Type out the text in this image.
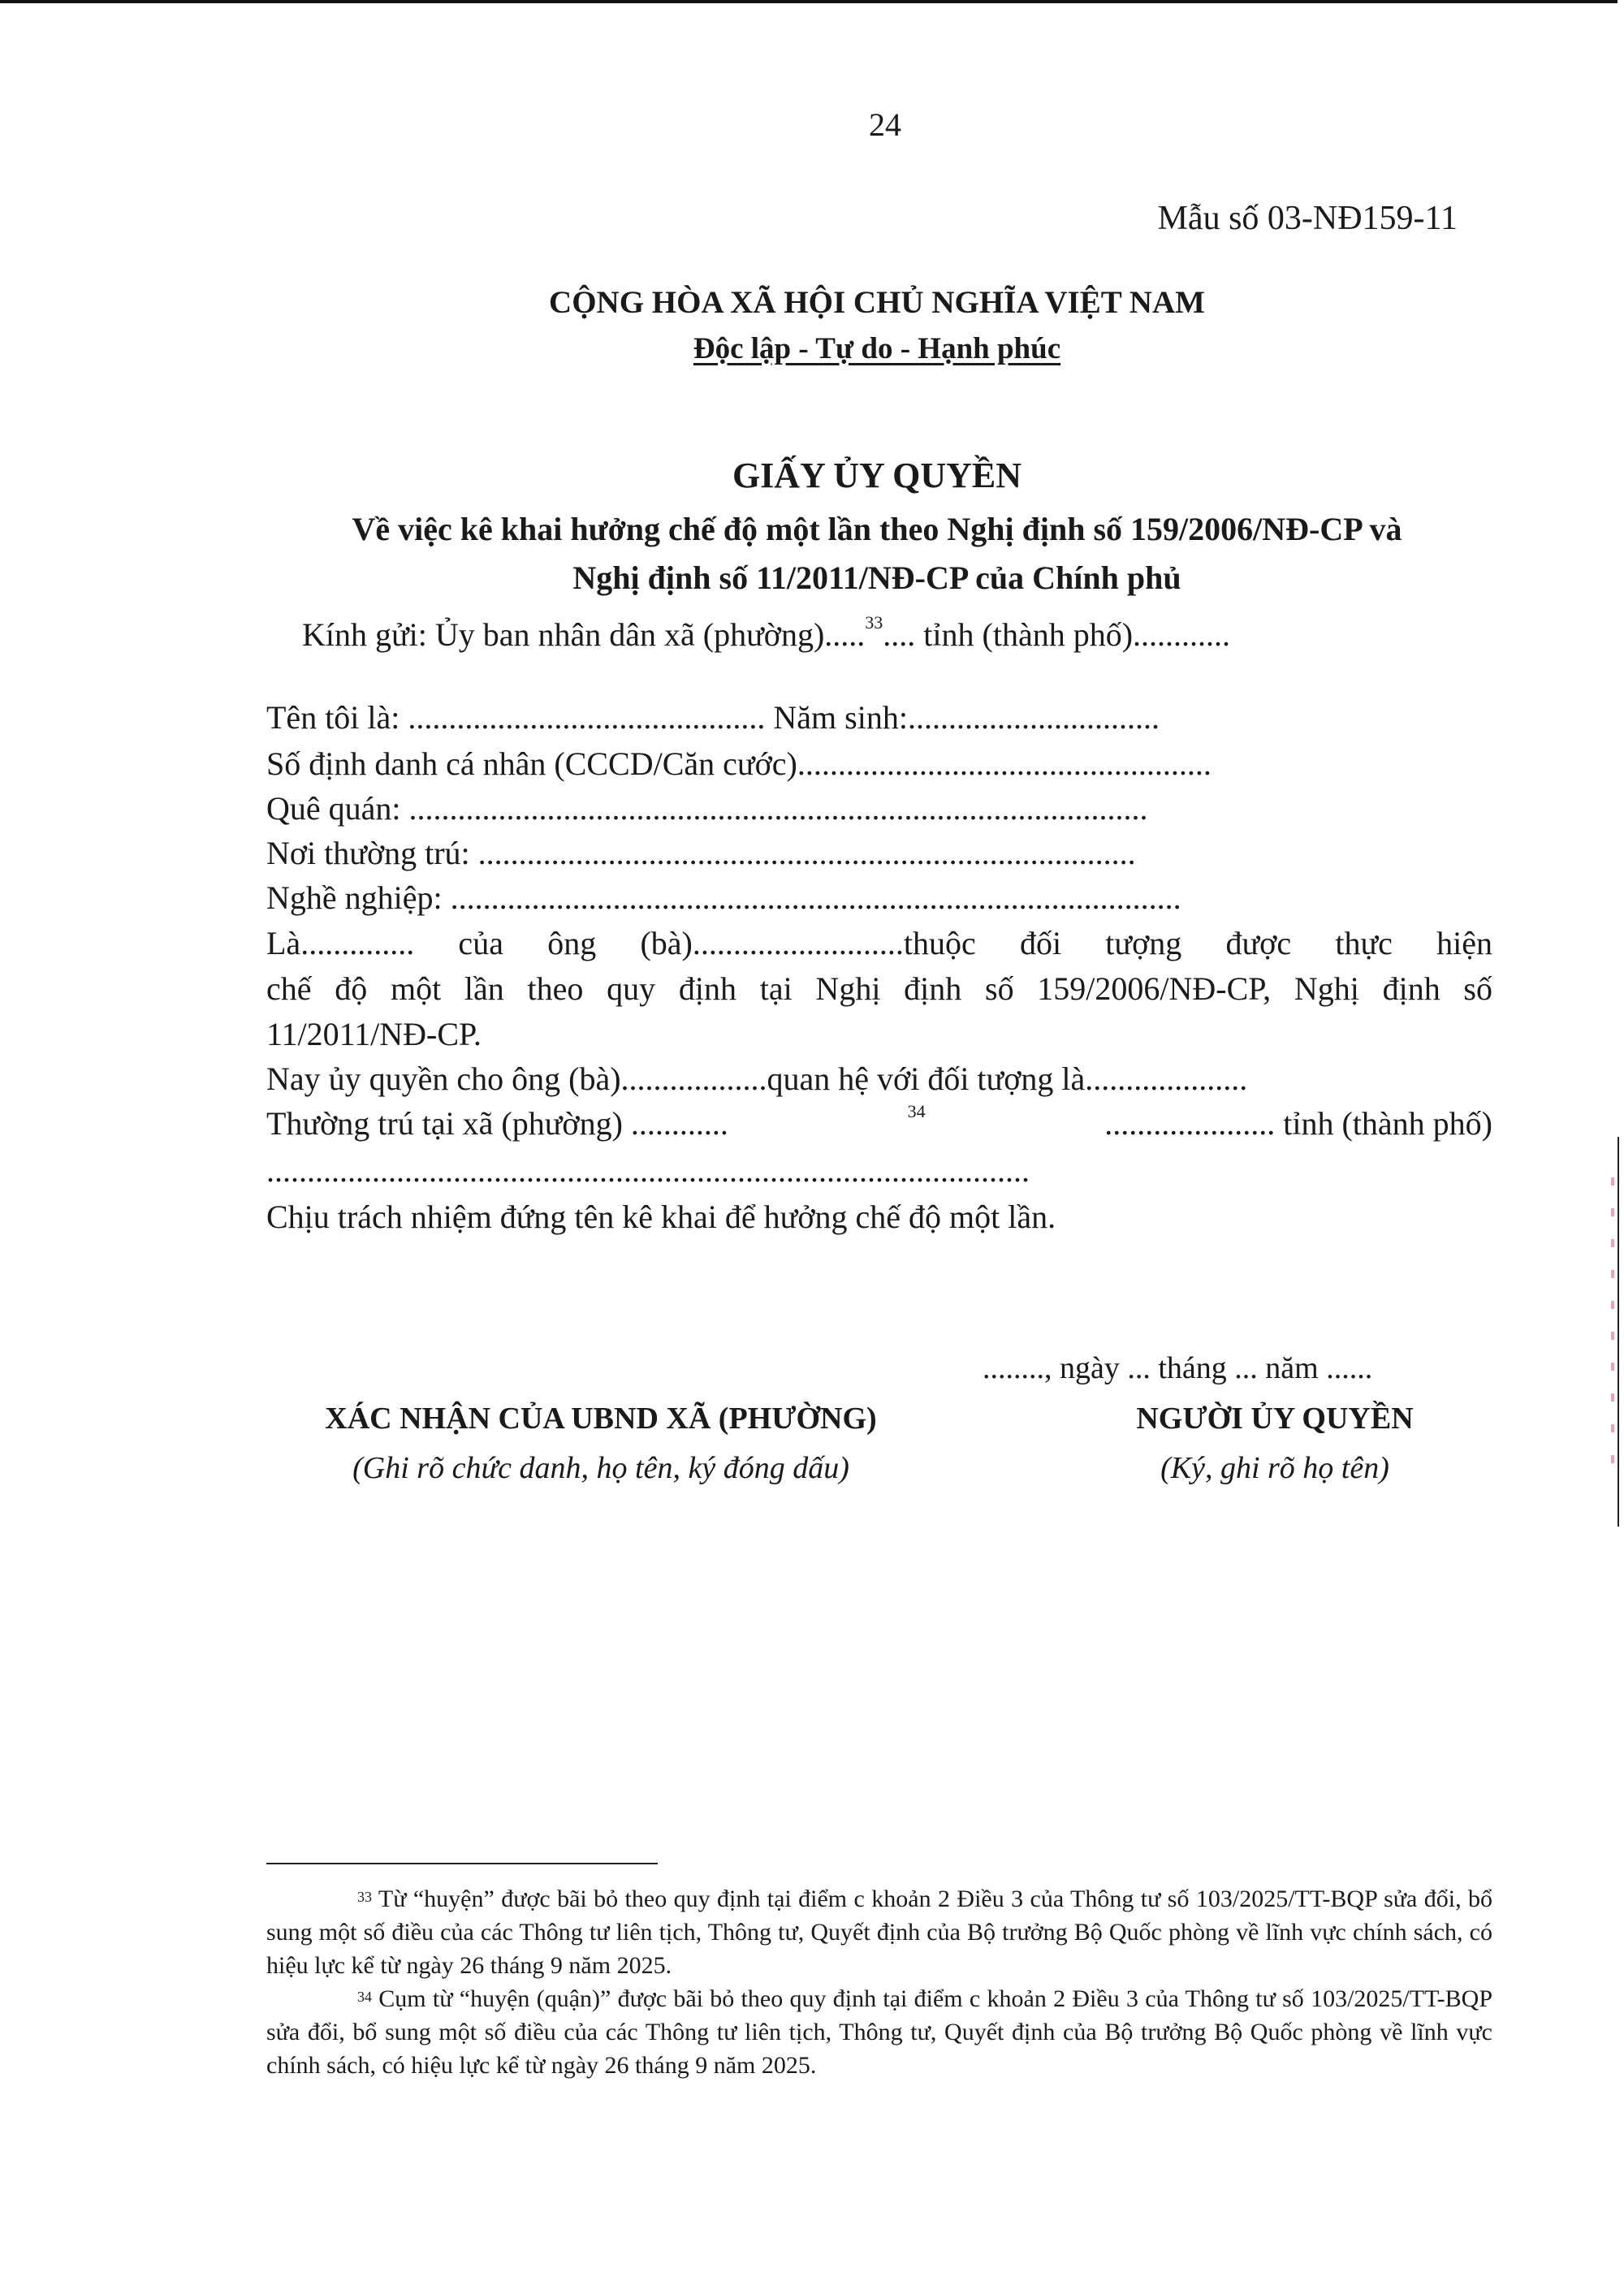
24
Mẫu số 03-NĐ159-11
CỘNG HÒA XÃ HỘI CHỦ NGHĨA VIỆT NAM
Độc lập - Tự do - Hạnh phúc
GIẤY ỦY QUYỀN
Về việc kê khai hưởng chế độ một lần theo Nghị định số 159/2006/NĐ-CP và
Nghị định số 11/2011/NĐ-CP của Chính phủ
Kính gửi: Ủy ban nhân dân xã (phường).....$^{33}$.... tỉnh (thành phố)............
Tên tôi là: ............................................ Năm sinh:...............................
Số định danh cá nhân (CCCD/Căn cước)...................................................
Quê quán: ...........................................................................................
Nơi thường trú: .................................................................................
Nghề nghiệp: ..........................................................................................
Là.............. của ông (bà)..........................thuộc đối tượng được thực hiện
chế độ một lần theo quy định tại Nghị định số 159/2006/NĐ-CP, Nghị định số
11/2011/NĐ-CP.
Nay ủy quyền cho ông (bà)..................quan hệ với đối tượng là....................
Thường trú tại xã (phường) ............	$^{34}$	..................... tỉnh (thành phố)
..............................................................................................
Chịu trách nhiệm đứng tên kê khai để hưởng chế độ một lần.
........, ngày ... tháng ... năm ......
XÁC NHẬN CỦA UBND XÃ (PHƯỜNG)
(Ghi rõ chức danh, họ tên, ký đóng dấu)
NGƯỜI ỦY QUYỀN
(Ký, ghi rõ họ tên)
$^{33}$ Từ “huyện” được bãi bỏ theo quy định tại điểm c khoản 2 Điều 3 của Thông tư số 103/2025/TT-BQP sửa đổi, bổ sung một số điều của các Thông tư liên tịch, Thông tư, Quyết định của Bộ trưởng Bộ Quốc phòng về lĩnh vực chính sách, có hiệu lực kể từ ngày 26 tháng 9 năm 2025.
$^{34}$ Cụm từ “huyện (quận)” được bãi bỏ theo quy định tại điểm c khoản 2 Điều 3 của Thông tư số 103/2025/TT-BQP sửa đổi, bổ sung một số điều của các Thông tư liên tịch, Thông tư, Quyết định của Bộ trưởng Bộ Quốc phòng về lĩnh vực chính sách, có hiệu lực kể từ ngày 26 tháng 9 năm 2025.
